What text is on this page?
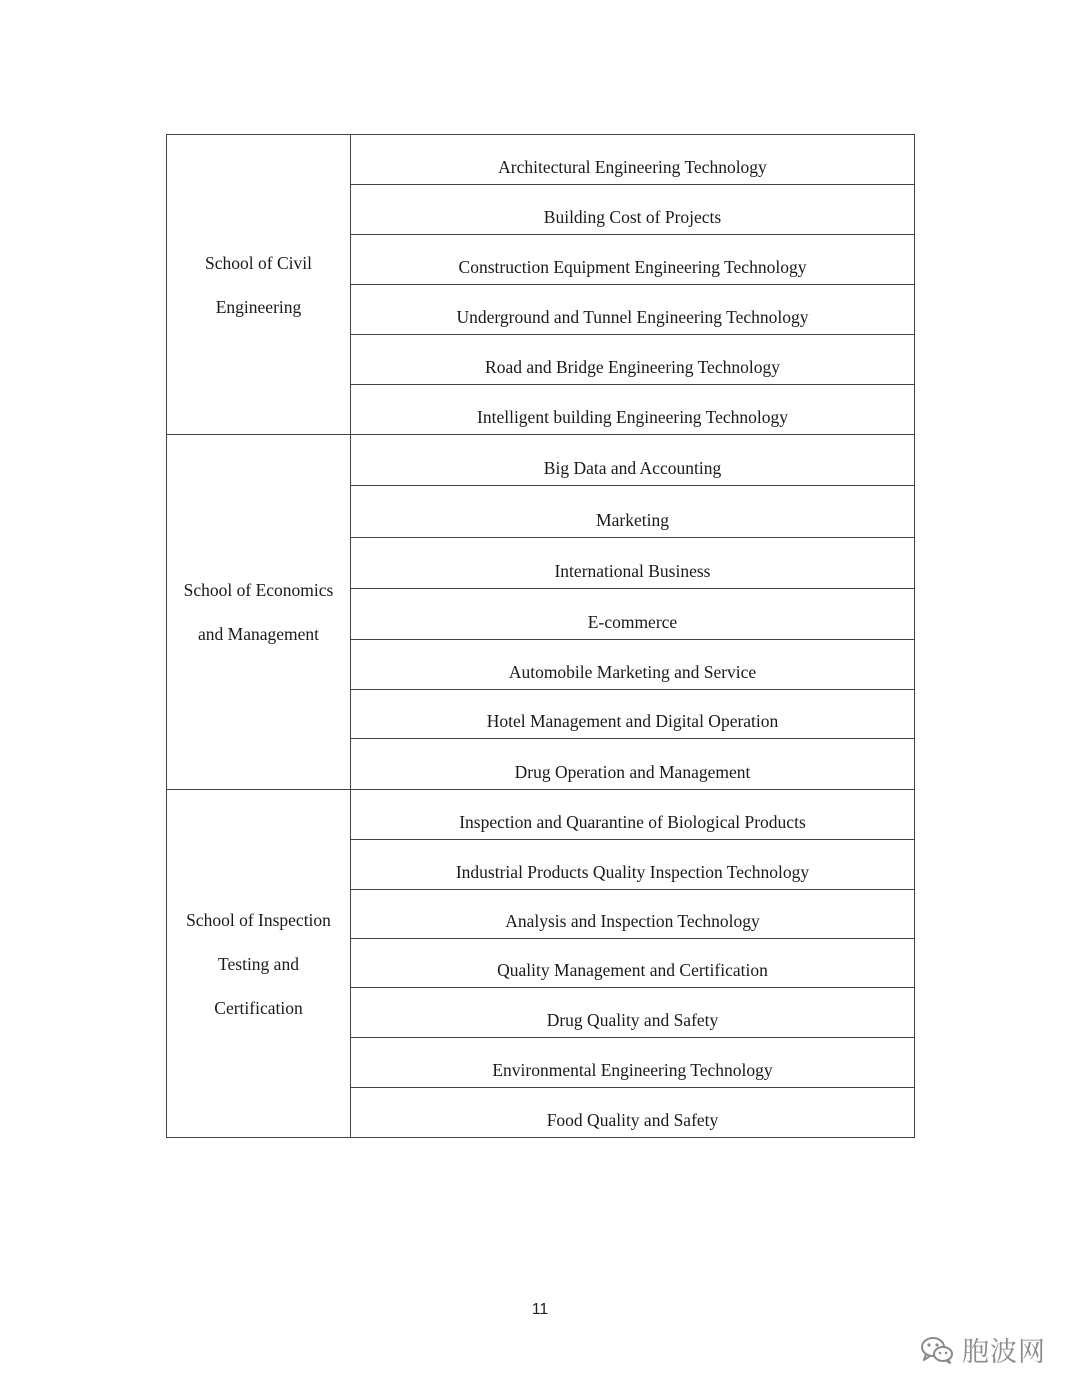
School of Civil
Engineering	Architectural Engineering Technology
	Building Cost of Projects
	Construction Equipment Engineering Technology
	Underground and Tunnel Engineering Technology
	Road and Bridge Engineering Technology
	Intelligent building Engineering Technology

School of Economics
and Management	Big Data and Accounting
	Marketing
	International Business
	E-commerce
	Automobile Marketing and Service
	Hotel Management and Digital Operation
	Drug Operation and Management

School of Inspection
Testing and
Certification	Inspection and Quarantine of Biological Products
	Industrial Products Quality Inspection Technology
	Analysis and Inspection Technology
	Quality Management and Certification
	Drug Quality and Safety
	Environmental Engineering Technology
	Food Quality and Safety
11
胞波网
